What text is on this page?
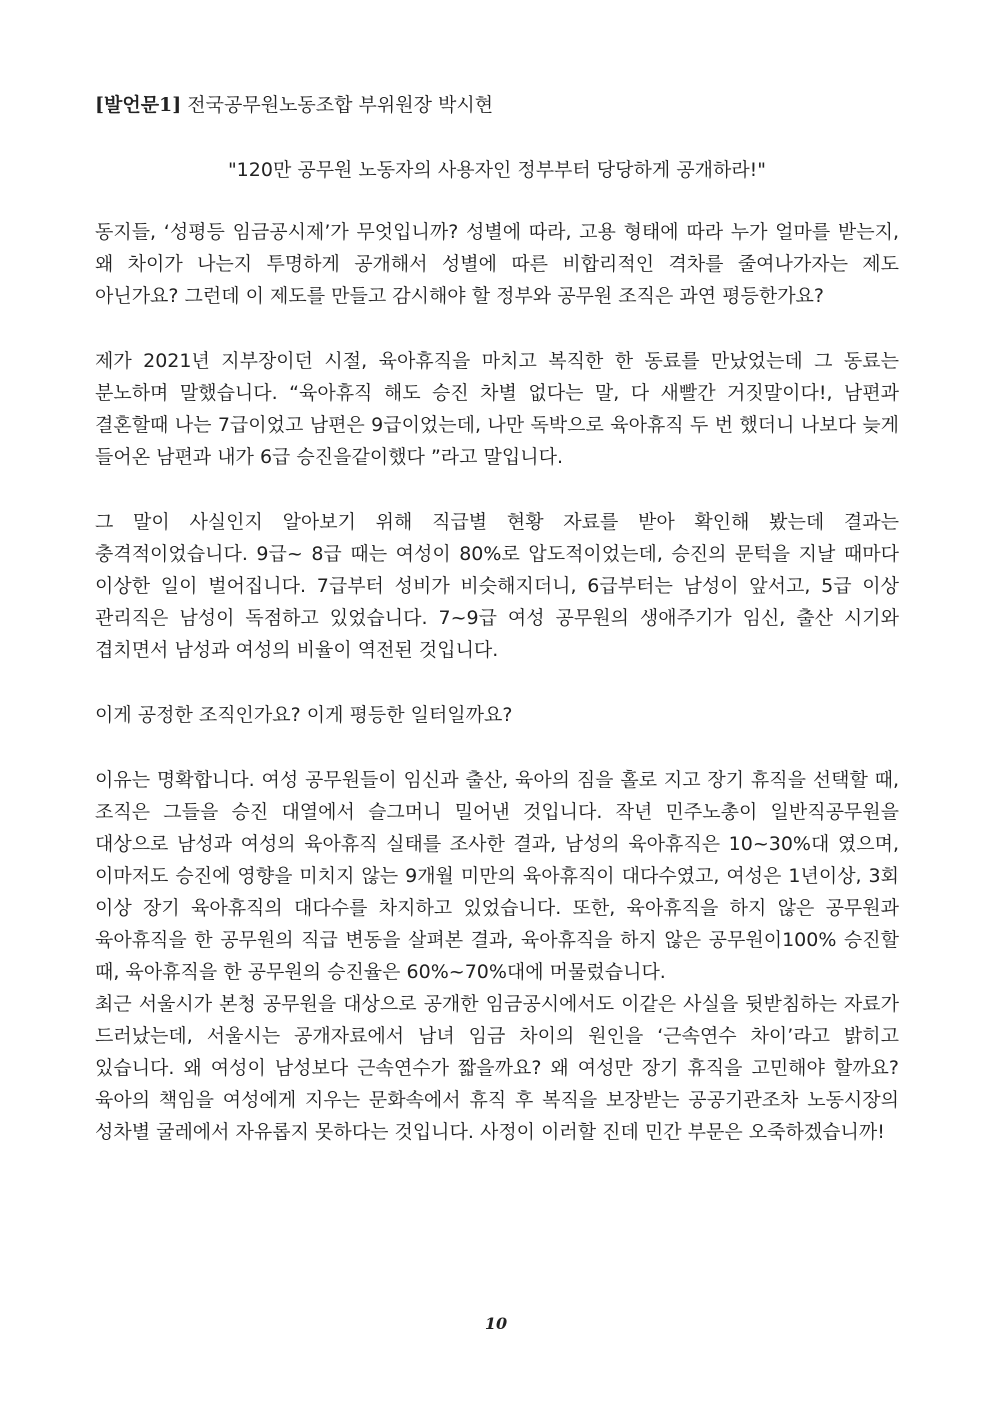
[발언문1] 전국공무원노동조합 부위원장 박시현
"120만 공무원 노동자의 사용자인 정부부터 당당하게 공개하라!"

동지들, ‘성평등 임금공시제’가 무엇입니까? 성별에 따라, 고용 형태에 따라 누가 얼마를 받는지, 왜 차이가 나는지 투명하게 공개해서 성별에 따른 비합리적인 격차를 줄여나가자는 제도 아닌가요? 그런데 이 제도를 만들고 감시해야 할 정부와 공무원 조직은 과연 평등한가요?

제가 2021년 지부장이던 시절, 육아휴직을 마치고 복직한 한 동료를 만났었는데 그 동료는 분노하며 말했습니다. “육아휴직 해도 승진 차별 없다는 말, 다 새빨간 거짓말이다!, 남편과 결혼할때 나는 7급이었고 남편은 9급이었는데, 나만 독박으로 육아휴직 두 번 했더니 나보다 늦게 들어온 남편과 내가 6급 승진을같이했다 ”라고 말입니다.

그 말이 사실인지 알아보기 위해 직급별 현황 자료를 받아 확인해 봤는데 결과는 충격적이었습니다. 9급~ 8급 때는 여성이 80%로 압도적이었는데, 승진의 문턱을 지날 때마다 이상한 일이 벌어집니다. 7급부터 성비가 비슷해지더니, 6급부터는 남성이 앞서고, 5급 이상 관리직은 남성이 독점하고 있었습니다. 7~9급 여성 공무원의 생애주기가 임신, 출산 시기와 겹치면서 남성과 여성의 비율이 역전된 것입니다.

이게 공정한 조직인가요? 이게 평등한 일터일까요?

이유는 명확합니다. 여성 공무원들이 임신과 출산, 육아의 짐을 홀로 지고 장기 휴직을 선택할 때, 조직은 그들을 승진 대열에서 슬그머니 밀어낸 것입니다. 작년 민주노총이 일반직공무원을 대상으로 남성과 여성의 육아휴직 실태를 조사한 결과, 남성의 육아휴직은 10~30%대 였으며, 이마저도 승진에 영향을 미치지 않는 9개월 미만의 육아휴직이 대다수였고, 여성은 1년이상, 3회 이상 장기 육아휴직의 대다수를 차지하고 있었습니다. 또한, 육아휴직을 하지 않은 공무원과 육아휴직을 한 공무원의 직급 변동을 살펴본 결과, 육아휴직을 하지 않은 공무원이100% 승진할 때, 육아휴직을 한 공무원의 승진율은 60%~70%대에 머물렀습니다.

최근 서울시가 본청 공무원을 대상으로 공개한 임금공시에서도 이같은 사실을 뒷받침하는 자료가 드러났는데, 서울시는 공개자료에서 남녀 임금 차이의 원인을 ‘근속연수 차이’라고 밝히고 있습니다. 왜 여성이 남성보다 근속연수가 짧을까요? 왜 여성만 장기 휴직을 고민해야 할까요? 육아의 책임을 여성에게 지우는 문화속에서 휴직 후 복직을 보장받는 공공기관조차 노동시장의 성차별 굴레에서 자유롭지 못하다는 것입니다. 사정이 이러할 진데 민간 부문은 오죽하겠습니까!

10
